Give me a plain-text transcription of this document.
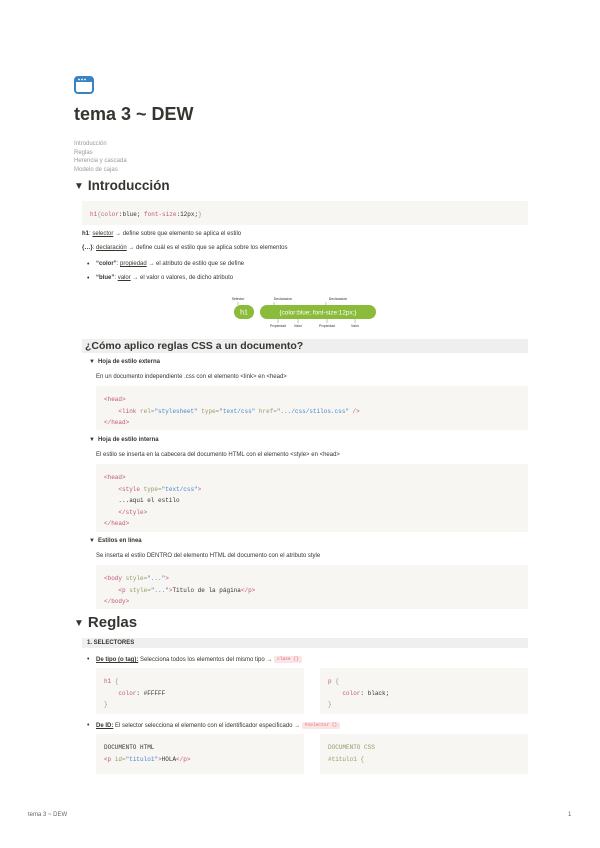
tema 3 ~ DEW
Introducción
Reglas
Herencia y cascada
Modelo de cajas
▼ Introducción
h1{color:blue; font-size:12px;}
h1: selector → define sobre que elemento se aplica el estilo
{…}: declaración → define cuál es el estilo que se aplica sobre los elementos
• “color”: propiedad → el atributo de estilo que se define
• “blue”: valor → el valor o valores, de dicho atributo
Selector	Declaración	Declaración
h1	{color:blue; font-size:12px;}
Propiedad Valor	Propiedad	Valor
¿Cómo aplico reglas CSS a un documento?
▼ Hoja de estilo externa
En un documento independiente .css con el elemento <link> en <head>
<head>
<link rel="stylesheet" type="text/css" href=".../css/stilos.css" />
</head>
▼ Hoja de estilo interna
El estilo se inserta en la cabecera del documento HTML con el elemento <style> en <head>
<head>
<style type="text/css">
...aqui el estilo
</style>
</head>
▼ Estilos en línea
Se inserta el estilo DENTRO del elemento HTML del documento con el atributo style
<body style="...">
<p style="...">Titulo de la página</p>
</body>
▼ Reglas
1. SELECTORES
• De tipo (o tag): Selecciona todos los elementos del mismo tipo → clase {}
h1 {
color: #FFFFF
}
p {
color: black;
}
• De ID: El selector selecciona el elemento con el identificador especificado → #selector {}
DOCUMENTO HTML
<p id="titulo1">HOLA</p>
DOCUMENTO CSS
#titulo1 {
tema 3 ~ DEW	1
